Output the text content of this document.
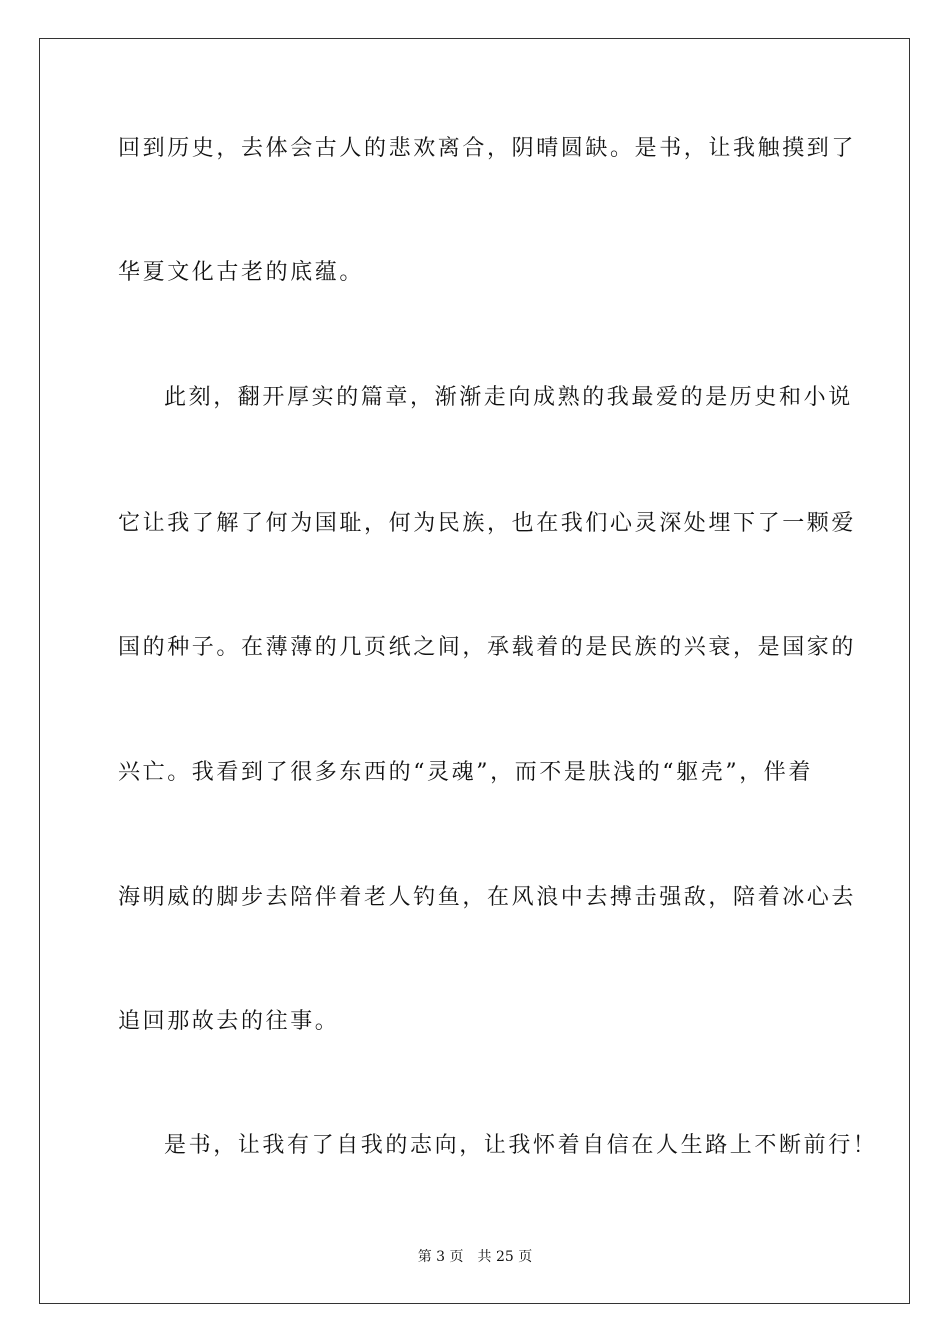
回到历史，去体会古人的悲欢离合，阴晴圆缺。是书，让我触摸到了
华夏文化古老的底蕴。
此刻，翻开厚实的篇章，渐渐走向成熟的我最爱的是历史和小说
它让我了解了何为国耻，何为民族，也在我们心灵深处埋下了一颗爱
国的种子。在薄薄的几页纸之间，承载着的是民族的兴衰，是国家的
兴亡。我看到了很多东西的“灵魂”，而不是肤浅的“躯壳”，伴着
海明威的脚步去陪伴着老人钓鱼，在风浪中去搏击强敌，陪着冰心去
追回那故去的往事。
是书，让我有了自我的志向，让我怀着自信在人生路上不断前行！
第 3 页 共 25 页
